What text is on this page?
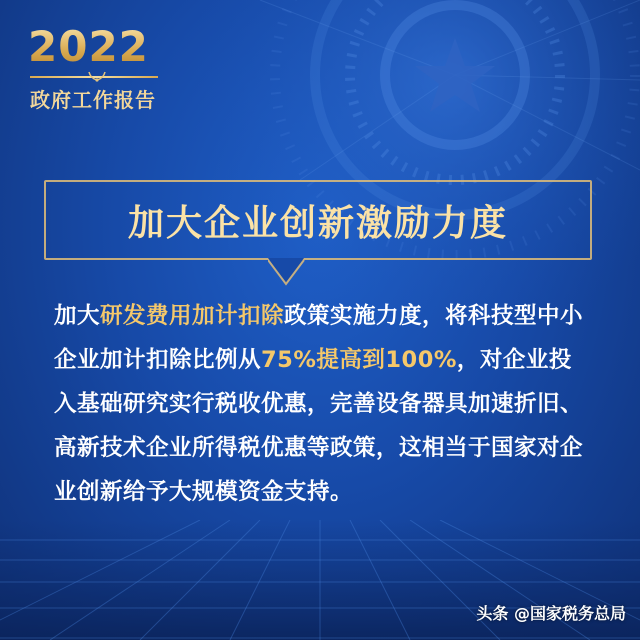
2022
政府工作报告
加大企业创新激励力度
加大研发费用加计扣除政策实施力度，将科技型中小企业加计扣除比例从75%提高到100%，对企业投入基础研究实行税收优惠，完善设备器具加速折旧、高新技术企业所得税优惠等政策，这相当于国家对企业创新给予大规模资金支持。
头条 @国家税务总局
